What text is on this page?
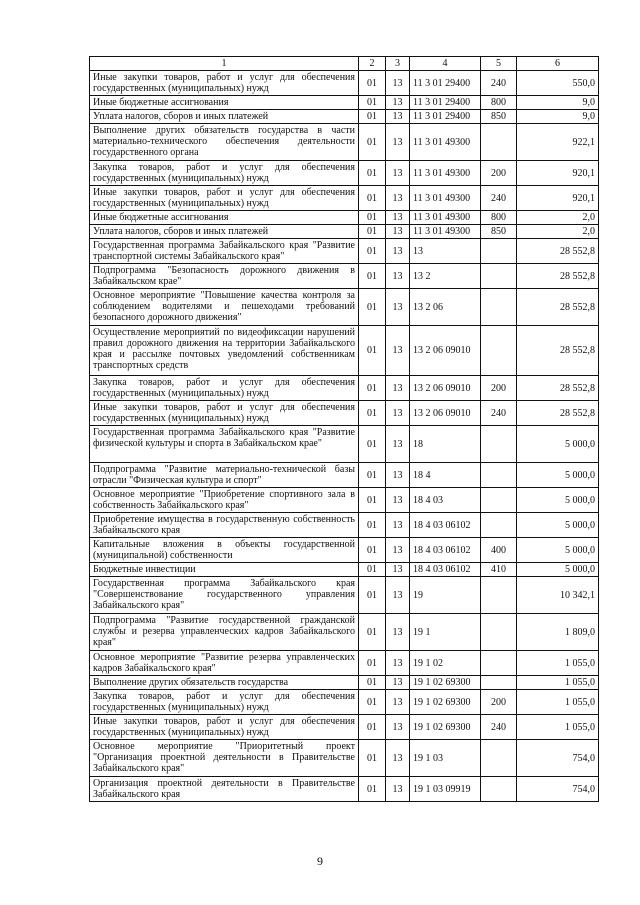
1	2	3	4	5	6
Иные закупки товаров, работ и услуг для обеспечения государственных (муниципальных) нужд	01	13	11 3 01 29400	240	550,0
Иные бюджетные ассигнования	01	13	11 3 01 29400	800	9,0
Уплата налогов, сборов и иных платежей	01	13	11 3 01 29400	850	9,0
Выполнение других обязательств государства в части материально-технического обеспечения деятельности государственного органа	01	13	11 3 01 49300		922,1
Закупка товаров, работ и услуг для обеспечения государственных (муниципальных) нужд	01	13	11 3 01 49300	200	920,1
Иные закупки товаров, работ и услуг для обеспечения государственных (муниципальных) нужд	01	13	11 3 01 49300	240	920,1
Иные бюджетные ассигнования	01	13	11 3 01 49300	800	2,0
Уплата налогов, сборов и иных платежей	01	13	11 3 01 49300	850	2,0
Государственная программа Забайкальского края "Развитие транспортной системы Забайкальского края"	01	13	13		28 552,8
Подпрограмма "Безопасность дорожного движения в Забайкальском крае"	01	13	13 2		28 552,8
Основное мероприятие "Повышение качества контроля за соблюдением водителями и пешеходами требований безопасного дорожного движения"	01	13	13 2 06		28 552,8
Осуществление мероприятий по видеофиксации нарушений правил дорожного движения на территории Забайкальского края и рассылке почтовых уведомлений собственникам транспортных средств	01	13	13 2 06 09010		28 552,8
Закупка товаров, работ и услуг для обеспечения государственных (муниципальных) нужд	01	13	13 2 06 09010	200	28 552,8
Иные закупки товаров, работ и услуг для обеспечения государственных (муниципальных) нужд	01	13	13 2 06 09010	240	28 552,8
Государственная программа Забайкальского края "Развитие физической культуры и спорта в Забайкальском крае"	01	13	18		5 000,0
Подпрограмма "Развитие материально-технической базы отрасли "Физическая культура и спорт"	01	13	18 4		5 000,0
Основное мероприятие "Приобретение спортивного зала в собственность Забайкальского края"	01	13	18 4 03		5 000,0
Приобретение имущества в государственную собственность Забайкальского края	01	13	18 4 03 06102		5 000,0
Капитальные вложения в объекты государственной (муниципальной) собственности	01	13	18 4 03 06102	400	5 000,0
Бюджетные инвестиции	01	13	18 4 03 06102	410	5 000,0
Государственная программа Забайкальского края "Совершенствование государственного управления Забайкальского края"	01	13	19		10 342,1
Подпрограмма "Развитие государственной гражданской службы и резерва управленческих кадров Забайкальского края"	01	13	19 1		1 809,0
Основное мероприятие "Развитие резерва управленческих кадров Забайкальского края"	01	13	19 1 02		1 055,0
Выполнение других обязательств государства	01	13	19 1 02 69300		1 055,0
Закупка товаров, работ и услуг для обеспечения государственных (муниципальных) нужд	01	13	19 1 02 69300	200	1 055,0
Иные закупки товаров, работ и услуг для обеспечения государственных (муниципальных) нужд	01	13	19 1 02 69300	240	1 055,0
Основное мероприятие "Приоритетный проект "Организация проектной деятельности в Правительстве Забайкальского края"	01	13	19 1 03		754,0
Организация проектной деятельности в Правительстве Забайкальского края	01	13	19 1 03 09919		754,0
9
